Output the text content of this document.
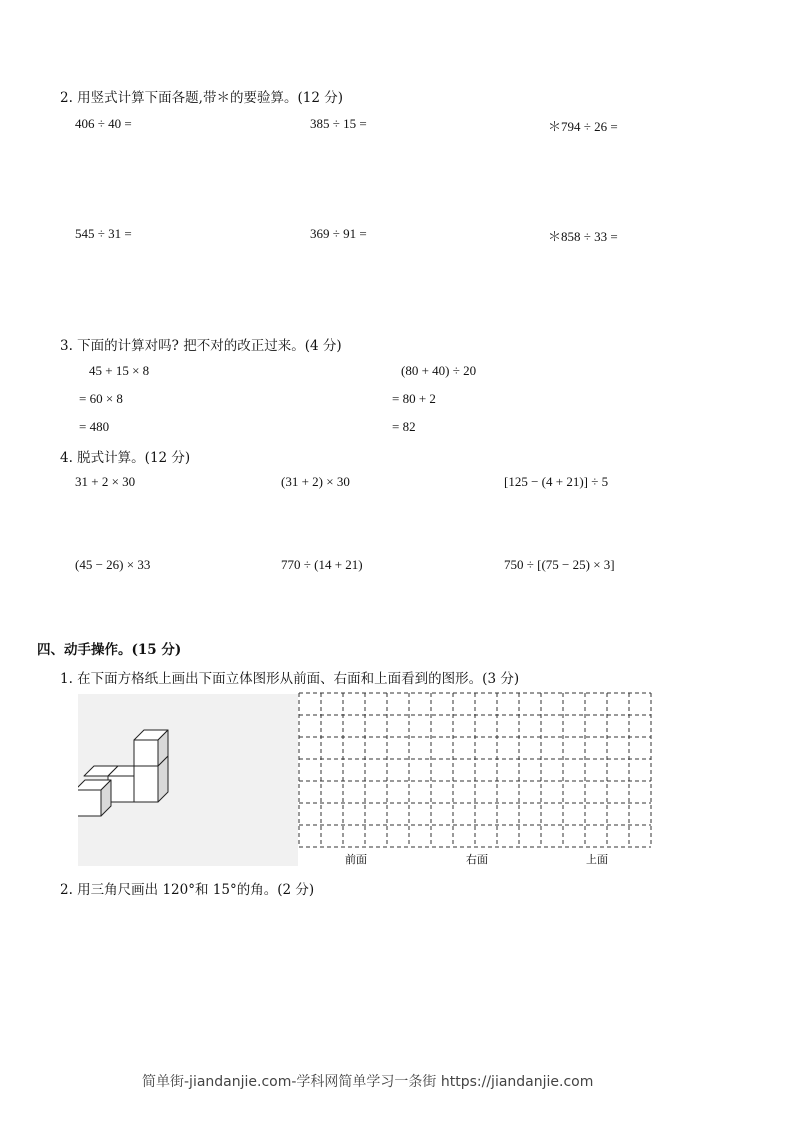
2. 用竖式计算下面各题,带＊的要验算。(12 分)
406 ÷ 40 =	385 ÷ 15 =	＊794 ÷ 26 =
545 ÷ 31 =	369 ÷ 91 =	＊858 ÷ 33 =
3. 下面的计算对吗? 把不对的改正过来。(4 分)
45 + 15 × 8
= 60 × 8
= 480
(80 + 40) ÷ 20
= 80 + 2
= 82
4. 脱式计算。(12 分)
31 + 2 × 30	(31 + 2) × 30	[125 − (4 + 21)] ÷ 5
(45 − 26) × 33	770 ÷ (14 + 21)	750 ÷ [(75 − 25) × 3]
四、动手操作。(15 分)
1. 在下面方格纸上画出下面立体图形从前面、右面和上面看到的图形。(3 分)
前面	右面	上面
2. 用三角尺画出 120°和 15°的角。(2 分)
简单街-jiandanjie.com-学科网简单学习一条街 https://jiandanjie.com
